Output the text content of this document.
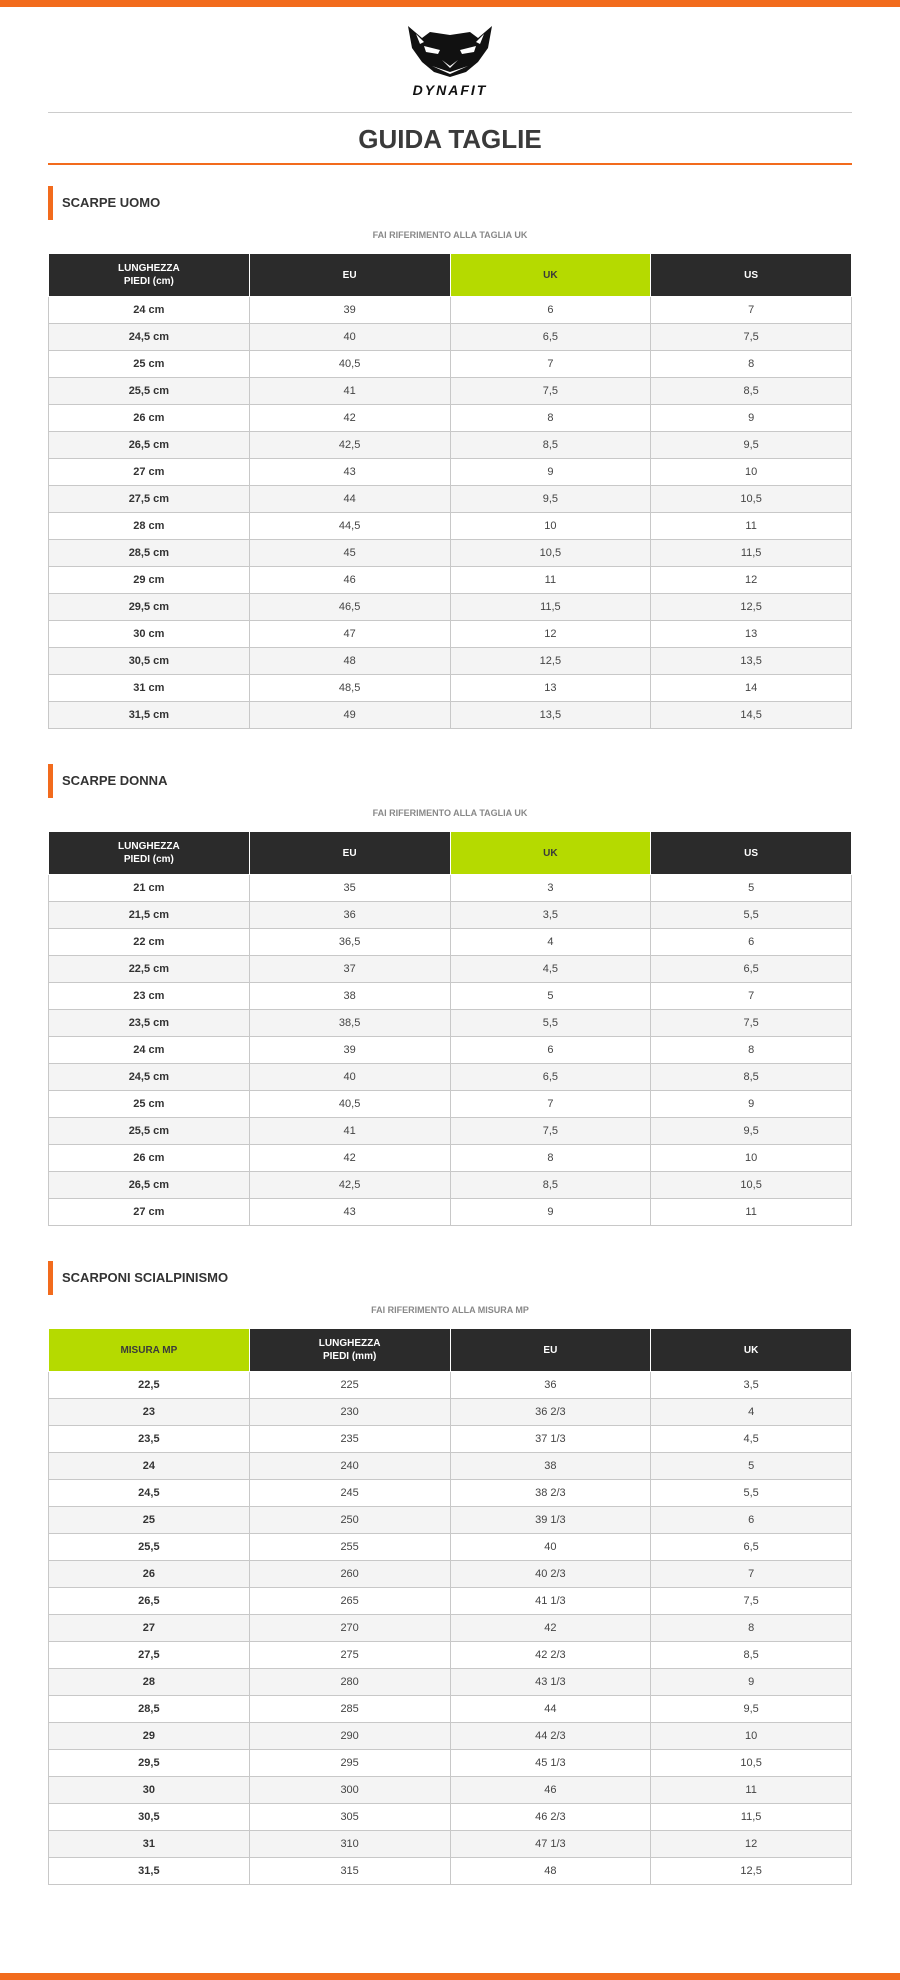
DYNAFIT
GUIDA TAGLIE
SCARPE UOMO
FAI RIFERIMENTO ALLA TAGLIA UK
LUNGHEZZA
PIEDI (cm)	EU	UK	US
24 cm	39	6	7
24,5 cm	40	6,5	7,5
25 cm	40,5	7	8
25,5 cm	41	7,5	8,5
26 cm	42	8	9
26,5 cm	42,5	8,5	9,5
27 cm	43	9	10
27,5 cm	44	9,5	10,5
28 cm	44,5	10	11
28,5 cm	45	10,5	11,5
29 cm	46	11	12
29,5 cm	46,5	11,5	12,5
30 cm	47	12	13
30,5 cm	48	12,5	13,5
31 cm	48,5	13	14
31,5 cm	49	13,5	14,5
SCARPE DONNA
FAI RIFERIMENTO ALLA TAGLIA UK
LUNGHEZZA
PIEDI (cm)	EU	UK	US
21 cm	35	3	5
21,5 cm	36	3,5	5,5
22 cm	36,5	4	6
22,5 cm	37	4,5	6,5
23 cm	38	5	7
23,5 cm	38,5	5,5	7,5
24 cm	39	6	8
24,5 cm	40	6,5	8,5
25 cm	40,5	7	9
25,5 cm	41	7,5	9,5
26 cm	42	8	10
26,5 cm	42,5	8,5	10,5
27 cm	43	9	11
SCARPONI SCIALPINISMO
FAI RIFERIMENTO ALLA MISURA MP
MISURA MP	LUNGHEZZA
PIEDI (mm)	EU	UK
22,5	225	36	3,5
23	230	36 2/3	4
23,5	235	37 1/3	4,5
24	240	38	5
24,5	245	38 2/3	5,5
25	250	39 1/3	6
25,5	255	40	6,5
26	260	40 2/3	7
26,5	265	41 1/3	7,5
27	270	42	8
27,5	275	42 2/3	8,5
28	280	43 1/3	9
28,5	285	44	9,5
29	290	44 2/3	10
29,5	295	45 1/3	10,5
30	300	46	11
30,5	305	46 2/3	11,5
31	310	47 1/3	12
31,5	315	48	12,5
